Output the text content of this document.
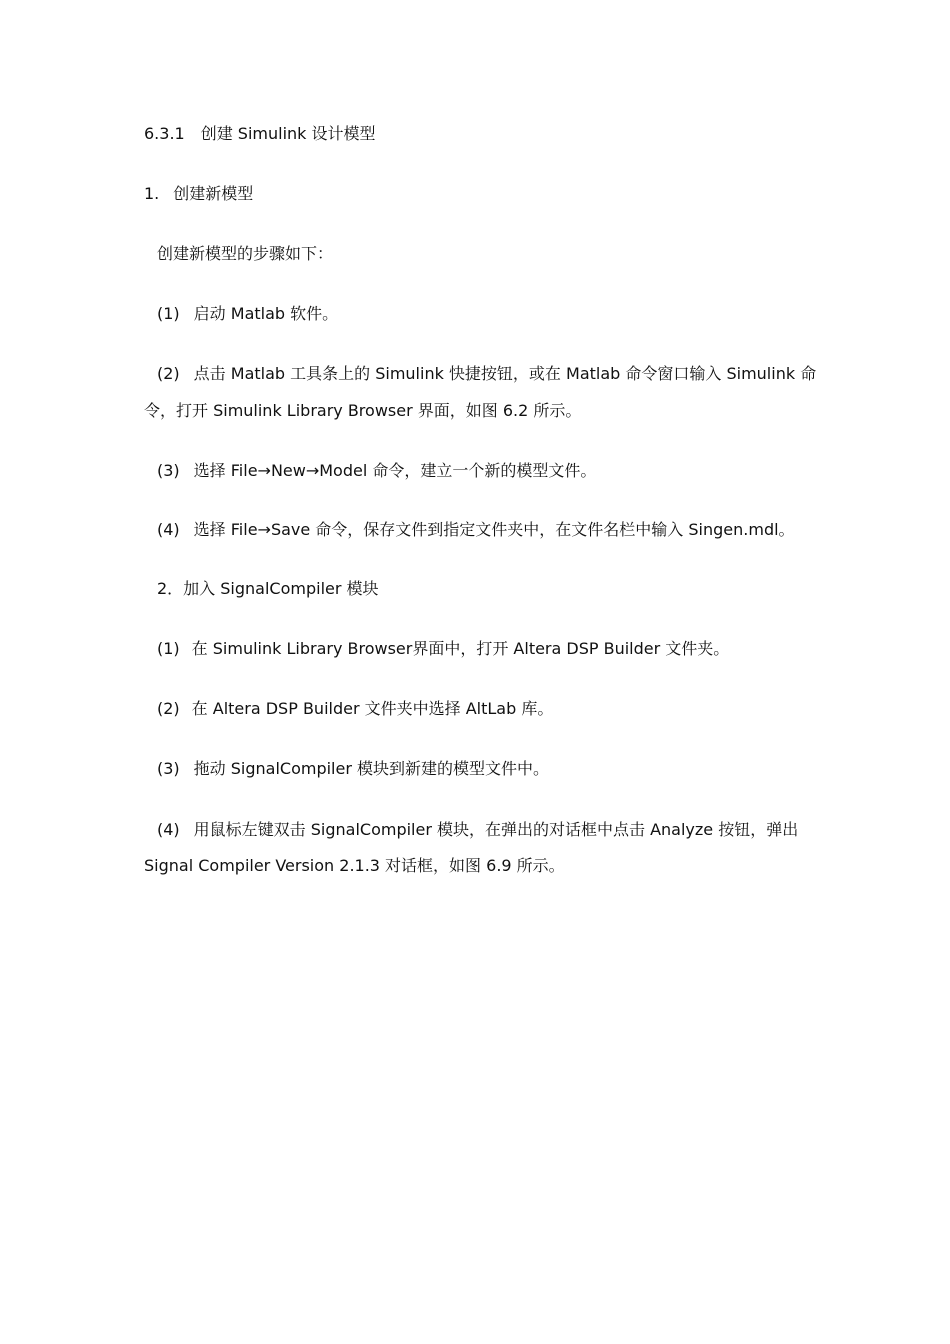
6.3.1 创建 Simulink 设计模型
1. 创建新模型
创建新模型的步骤如下：
(1) 启动 Matlab 软件。
(2) 点击 Matlab 工具条上的 Simulink 快捷按钮，或在 Matlab 命令窗口输入 Simulink 命
令，打开 Simulink Library Browser 界面，如图 6.2 所示。
(3) 选择 File→New→Model 命令，建立一个新的模型文件。
(4) 选择 File→Save 命令，保存文件到指定文件夹中，在文件名栏中输入 Singen.mdl。
2．加入 SignalCompiler 模块
(1) 在 Simulink Library Browser界面中，打开 Altera DSP Builder 文件夹。
(2) 在 Altera DSP Builder 文件夹中选择 AltLab 库。
(3) 拖动 SignalCompiler 模块到新建的模型文件中。
(4) 用鼠标左键双击 SignalCompiler 模块，在弹出的对话框中点击 Analyze 按钮，弹出
Signal Compiler Version 2.1.3 对话框，如图 6.9 所示。
